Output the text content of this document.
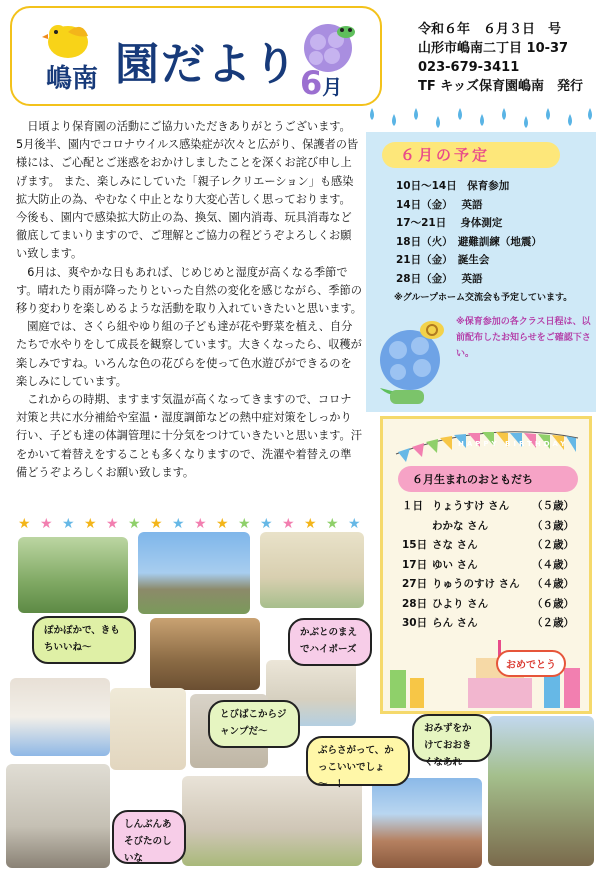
嶋南 園だより 6月
令和６年　６月３日　号
山形市嶋南二丁目 10-37
023-679-3411
TF キッズ保育園嶋南　発行

　日頃より保育園の活動にご協力いただきありがとうございます。

5月後半、園内でコロナウイルス感染症が次々と広がり、保護者の皆様には、ご心配とご迷惑をおかけしましたことを深くお詫び申し上げます。 また、楽しみにしていた「親子レクリエーション」も感染拡大防止の為、やむなく中止となり大変心苦しく思っております。

今後も、園内で感染拡大防止の為、換気、園内消毒、玩具消毒など徹底してまいりますので、ご理解とご協力の程どうぞよろしくお願い致します。

　6月は、爽やかな日もあれば、じめじめと湿度が高くなる季節です。晴れたり雨が降ったりといった自然の変化を感じながら、季節の移り変わりを楽しめるような活動を取り入れていきたいと思います。

　園庭では、さくら組やゆり組の子ども達が花や野菜を植え、自分たちで水やりをして成長を観察しています。大きくなったら、収穫が楽しみですね。いろんな色の花びらを使って色水遊びができるのを楽しみにしています。

　これからの時期、ますます気温が高くなってきますので、コロナ対策と共に水分補給や室温・湿度調節などの熱中症対策をしっかり行い、子ども達の体調管理に十分気をつけていきたいと思います。汗をかいて着替えをすることも多くなりますので、洗濯や着替えの準備どうぞよろしくお願い致します。

６月の予定
10日～14日　保育参加
14日（金）　 英語
17～21日　 身体測定
18日（火）　避難訓練（地震）
21日（金）　誕生会
28日（金）　 英語
※グループホーム交流会も予定しています。
※保育参加の各クラス日程は、以前配布したお知らせをご確認下さい。
HAPPY BIRTHDAY
６月生まれのおともだち
１日 りょうすけ さん （５歳）
わかな さん	（３歳）
15日 さな さん	（２歳）
17日 ゆい さん	（４歳）
27日 りゅうのすけ さん （４歳）
28日 ひより さん	（６歳）
30日 らん さん	（２歳）
おめでとう
★ ★ ★ ★ ★ ★ ★ ★ ★ ★ ★ ★ ★ ★ ★ ★
ぽかぽかで、きもちいいね～
かぶとのまえでハイポーズ
とびばこからジャンプだ～	おみずをかけておおきくなあれ
ぶらさがって、かっこいいでしょ～　！
しんぶんあそびたのしいな
